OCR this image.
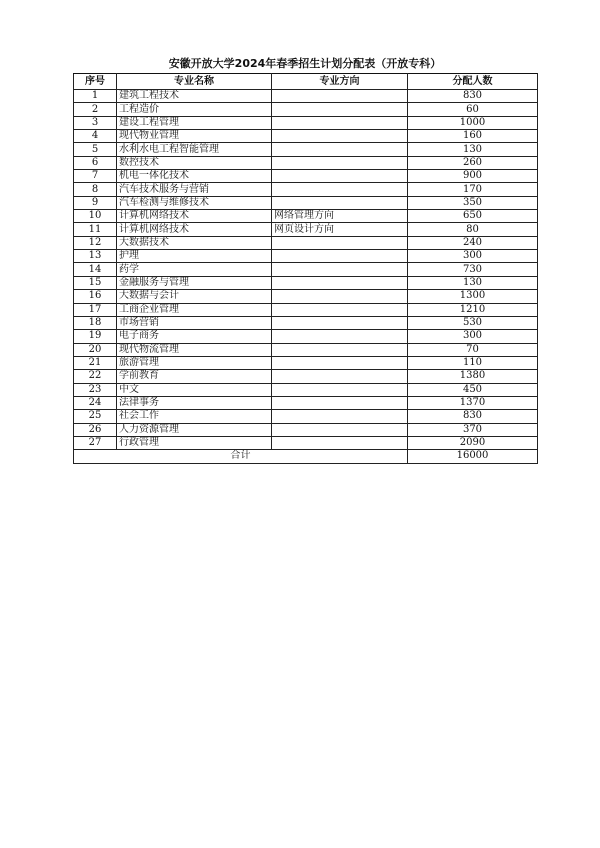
安徽开放大学2024年春季招生计划分配表（开放专科）
序号	专业名称	专业方向	分配人数
1	建筑工程技术		830
2	工程造价		60
3	建设工程管理		1000
4	现代物业管理		160
5	水利水电工程智能管理		130
6	数控技术		260
7	机电一体化技术		900
8	汽车技术服务与营销		170
9	汽车检测与维修技术		350
10	计算机网络技术	网络管理方向	650
11	计算机网络技术	网页设计方向	80
12	大数据技术		240
13	护理		300
14	药学		730
15	金融服务与管理		130
16	大数据与会计		1300
17	工商企业管理		1210
18	市场营销		530
19	电子商务		300
20	现代物流管理		70
21	旅游管理		110
22	学前教育		1380
23	中文		450
24	法律事务		1370
25	社会工作		830
26	人力资源管理		370
27	行政管理		2090
合计			16000
